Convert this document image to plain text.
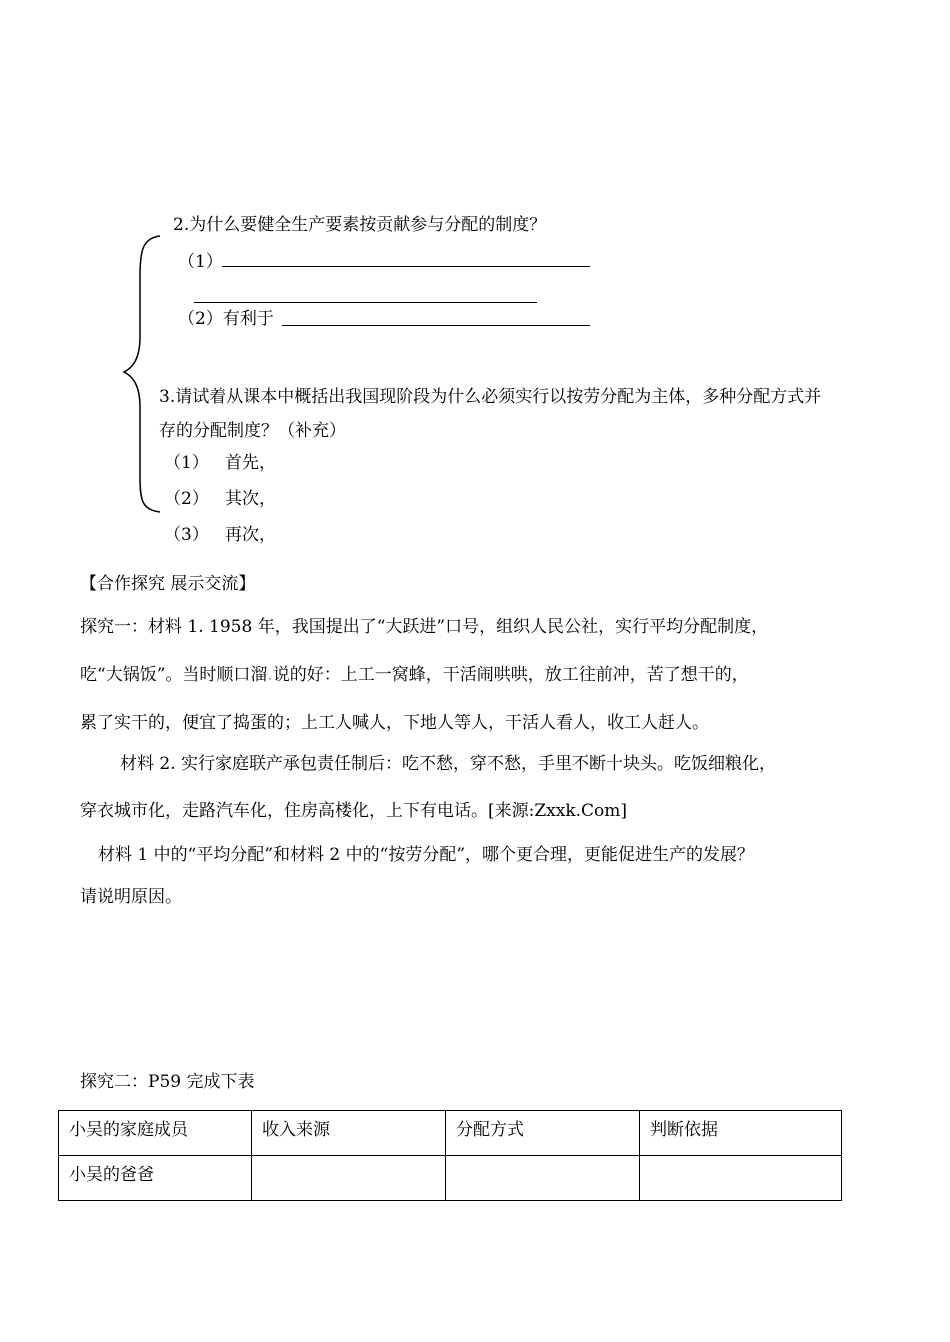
2.为什么要健全生产要素按贡献参与分配的制度？
（1）
（2）有利于
3.请试着从课本中概括出我国现阶段为什么必须实行以按劳分配为主体，多种分配方式并
存的分配制度？（补充）
（1） 首先，
（2） 其次，
（3） 再次，
【合作探究 展示交流】
探究一：材料 1. 1958 年，我国提出了“大跃进”口号，组织人民公社，实行平均分配制度，
吃“大锅饭”。当时顺口溜.说的好：上工一窝蜂，干活闹哄哄，放工往前冲，苦了想干的，
累了实干的，便宜了捣蛋的；上工人喊人，下地人等人，干活人看人，收工人赶人。
材料 2. 实行家庭联产承包责任制后：吃不愁，穿不愁，手里不断十块头。吃饭细粮化，
穿衣城市化，走路汽车化，住房高楼化，上下有电话。[来源:Zxxk.Com]
材料 1 中的“平均分配”和材料 2 中的“按劳分配”，哪个更合理，更能促进生产的发展？
请说明原因。
探究二：P59 完成下表
小吴的家庭成员	收入来源	分配方式	判断依据
小吴的爸爸			
